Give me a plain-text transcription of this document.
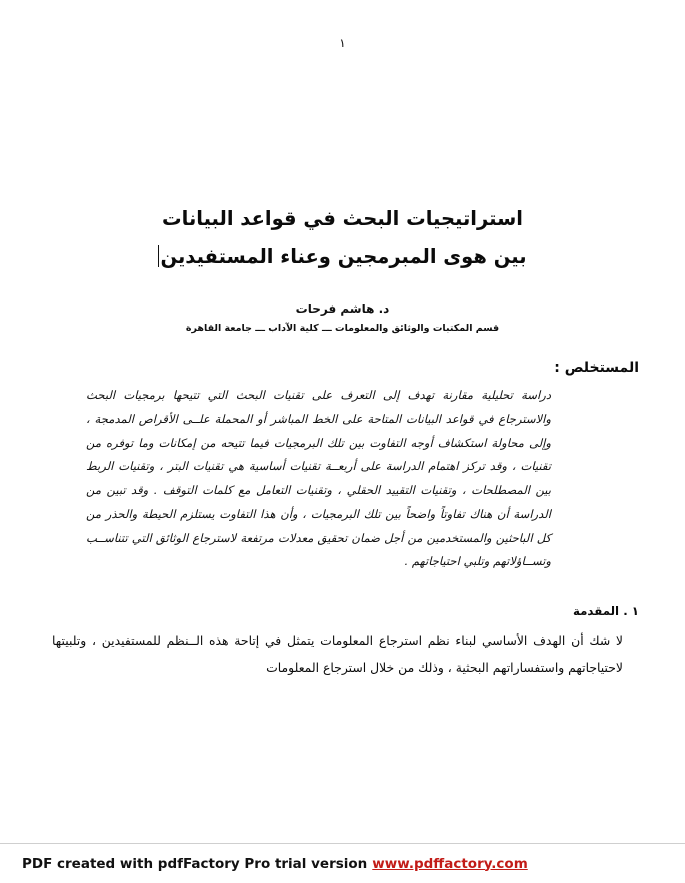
١
استراتيجيات البحث في قواعد البيانات
بين هوى المبرمجين وعناء المستفيدين
د. هاشم فرحات
قسم المكتبات والوثائق والمعلومات ـــ كلية الآداب ـــ جامعة القاهرة
المستخلص :
دراسة تحليلية مقارنة تهدف إلى التعرف على تقنيات البحث التي تتيحها برمجيات البحث والاسترجاع في قواعد البيانات المتاحة على الخط المباشر أو المحملة علــى الأقراص المدمجة ، وإلى محاولة استكشاف أوجه التفاوت بين تلك البرمجيات فيما تتيحه من إمكانات وما توفره من تقنيات ، وقد تركز اهتمام الدراسة على أربعــة تقنيات أساسية هي تقنيات البتر ، وتقنيات الربط بين المصطلحات ، وتقنيات التقييد الحقلي ، وتقنيات التعامل مع كلمات التوقف . وقد تبين من الدراسة أن هناك تفاوتاً واضحاً بين تلك البرمجيات ، وأن هذا التفاوت يستلزم الحيطة والحذر من كل الباحثين والمستخدمين من أجل ضمان تحقيق معدلات مرتفعة لاسترجاع الوثائق التي تتناســب وتســاؤلاتهم وتلبي احتياجاتهم .
١ . المقدمة
لا شك أن الهدف الأساسي لبناء نظم استرجاع المعلومات يتمثل في إتاحة هذه الــنظم للمستفيدين ، وتلبيتها لاحتياجاتهم واستفساراتهم البحثية ، وذلك من خلال استرجاع المعلومات
PDF created with pdfFactory Pro trial version www.pdffactory.com
